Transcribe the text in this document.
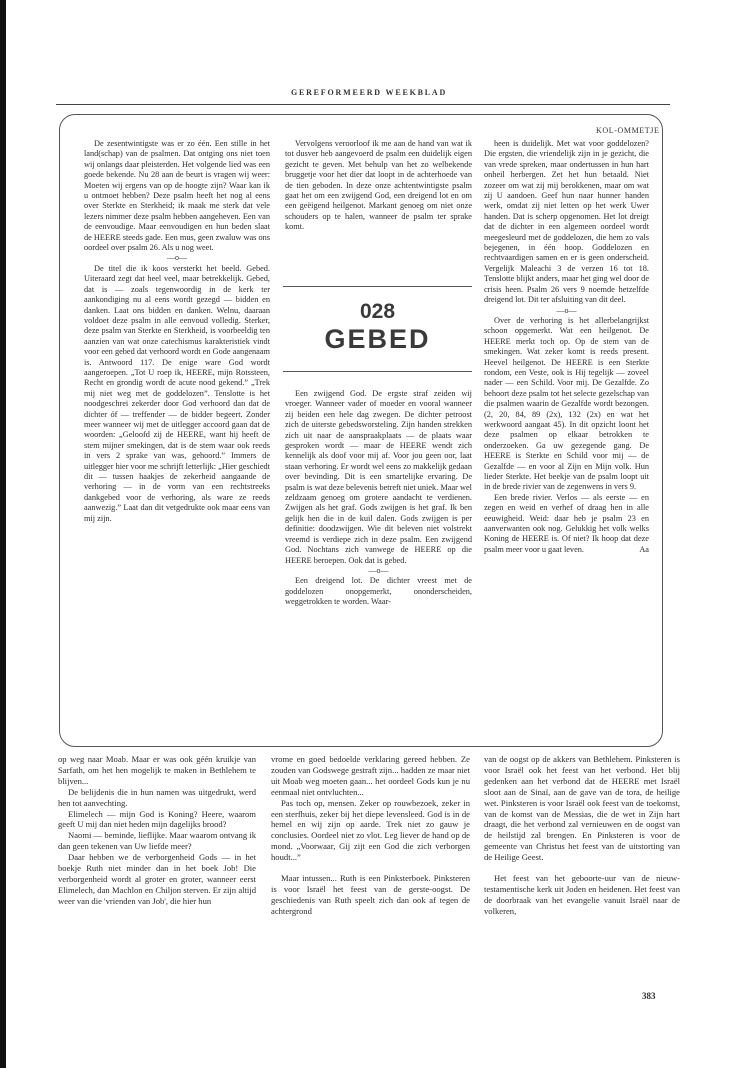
GEREFORMEERD WEEKBLAD
KOL-OMMETJE

De zesentwintigste was er zo één. Een stille in het land(schap) van de psalmen. Dat ontging ons niet toen wij onlangs daar pleisterden. Het volgende lied was een goede bekende. Nu 28 aan de beurt is vragen wij weer: Moeten wij ergens van op de hoogte zijn? Waar kan ik u ontmoet hebben? Deze psalm heeft het nog al eens over Sterkte en Sterkheid; ik maak me sterk dat vele lezers nimmer deze psalm hebben aangeheven. Een van de eenvoudige. Maar eenvoudigen en hun beden slaat de HEERE steeds gade. Een mus, geen zwaluw was ons oordeel over psalm 26. Als u nog weet.

—o—

De titel die ik koos versterkt het beeld. Gebed. Uiteraard zegt dat heel veel, maar betrekkelijk. Gebed, dat is — zoals tegenwoordig in de kerk ter aankondiging nu al eens wordt gezegd — bidden en danken. Laat ons bidden en danken. Welnu, daaraan voldoet deze psalm in alle eenvoud volledig. Sterker, deze psalm van Sterkte en Sterkheid, is voorbeeldig ten aanzien van wat onze catechismus karakteristiek vindt voor een gebed dat verhoord wordt en Gode aangenaam is. Antwoord 117. De enige ware God wordt aangeroepen. „Tot U roep ik, HEERE, mijn Rotssteen, Recht en grondig wordt de acute nood gekend.” „Trek mij niet weg met de goddelozen”. Tenslotte is het noodgeschrei zekerder door God verhoord dan dat de dichter óf — treffender — de bidder begeert. Zonder meer wanneer wij met de uitlegger accoord gaan dat de woorden: „Geloofd zij de HEERE, want hij heeft de stem mijner smekingen, dat is de stem waar ook reeds in vers 2 sprake van was, gehoord.” Immers de uitlegger hier voor me schrijft letterlijk: „Hier geschiedt dit — tussen haakjes de zekerheid aangaande de verhoring — in de vorm van een rechtstreeks dankgebed voor de verhoring, als ware ze reeds aanwezig.” Laat dan dit vetgedrukte ook maar eens van mij zijn.

Vervolgens veroorloof ik me aan de hand van wat ik tot dusver heb aangevoerd de psalm een duidelijk eigen gezicht te geven. Met behulp van het zo welbekende bruggetje voor het dier dat loopt in de achterhoede van de tien geboden. In deze onze achtentwintigste psalm gaat het om een zwijgend God, een dreigend lot en om een geëigend heilgenot. Markant genoeg om niet onze schouders op te halen, wanneer de psalm ter sprake komt.

028
GEBED

Een zwijgend God. De ergste straf zeiden wij vroeger. Wanneer vader of moeder en vooral wanneer zij beiden een hele dag zwegen. De dichter petroost zich de uiterste gebedsworsteling. Zijn handen strekken zich uit naar de aanspraakplaats — de plaats waar gesproken wordt — maar de HEERE wendt zich kennelijk als doof voor mij af. Voor jou geen oor, laat staan verhoring. Er wordt wel eens zo makkelijk gedaan over bevinding. Dit is een smartelijke ervaring. De psalm is wat deze belevenis betreft niet uniek. Maar wel zeldzaam genoeg om grotere aandacht te verdienen. Zwijgen als het graf. Gods zwijgen is het graf. Ik ben gelijk hen die in de kuil dalen. Gods zwijgen is per definitie: doodzwijgen. Wie dit beleven niet volstrekt vreemd is verdiepe zich in deze psalm. Een zwijgend God. Nochtans zich vanwege de HEERE op die HEERE beroepen. Ook dat is gebed.

—o—

Een dreigend lot. De dichter vreest met de goddelozen onopgemerkt, ononderscheiden, weggetrokken te worden. Waar-

heen is duidelijk. Met wat voor goddelozen? Die ergsten, die vriendelijk zijn in je gezicht, die van vrede spreken, maar ondertussen in hun hart onheil herbergen. Zet het hun betaald. Niet zozeer om wat zij mij berokkenen, maar om wat zij U aandoen. Geef hun naar hunner handen werk, omdat zij niet letten op het werk Uwer handen. Dat is scherp opgenomen. Het lot dreigt dat de dichter in een algemeen oordeel wordt meegesleurd met de goddelozen, die hem zo vals bejegenen, in één hoop. Goddelozen en rechtvaardigen samen en er is geen onderscheid. Vergelijk Maleachi 3 de verzen 16 tot 18. Tenslotte blijkt anders, maar het ging wel door de crisis heen. Psalm 26 vers 9 noemde hetzelfde dreigend lot. Dit ter afsluiting van dit deel.

—o—

Over de verhoring is het allerbelangrijkst schoon opgemerkt. Wat een heilgenot. De HEERE merkt toch op. Op de stem van de smekingen. Wat zeker komt is reeds present. Heevel heilgenot. De HEERE is een Sterkte rondom, een Veste, ook is Hij tegelijk — zoveel nader — een Schild. Voor mij. De Gezalfde. Zo behoort deze psalm tot het selecte gezelschap van die psalmen waarin de Gezalfde wordt bezongen. (2, 20, 84, 89 (2x), 132 (2x) en wat het werkwoord aangaat 45). In dit opzicht loont het deze psalmen op elkaar betrokken te onderzoeken. Ga uw gezegende gang. De HEERE is Sterkte en Schild voor mij — de Gezalfde — en voor al Zijn en Mijn volk. Hun lieder Sterkte. Het beekje van de psalm loopt uit in de brede rivier van de zegenwens in vers 9.

Een brede rivier. Verlos — als eerste — en zegen en weid en verhef of draag hen in alle eeuwigheid. Weid: daar heb je psalm 23 en aanverwanten ook nog. Gelukkig het volk welks Koning de HEERE is. Of niet? Ik hoop dat deze psalm meer voor u gaat leven.	Aa

op weg naar Moab. Maar er was ook géén kruikje van Sarfath, om het hen mogelijk te maken in Bethlehem te blijven...

De belijdenis die in hun namen was uitgedrukt, werd hen tot aanvechting.

Elimelech — mijn God is Koning? Heere, waarom geeft U mij dan niet heden mijn dagelijks brood?

Naomi — beminde, lieflijke. Maar waarom ontvang ik dan geen tekenen van Uw liefde meer?

Daar hebben we de verborgenheid Gods — in het boekje Ruth niet minder dan in het boek Job! Die verborgenheid wordt al groter en groter, wanneer eerst Elimelech, dan Machlon en Chiljon sterven. Er zijn altijd weer van die 'vrienden van Job', die hier hun

vrome en goed bedoelde verklaring gereed hebben. Ze zouden van Godswege gestraft zijn... hadden ze maar niet uit Moab weg moeten gaan... het oordeel Gods kun je nu eenmaal niet ontvluchten...

Pas toch op, mensen. Zeker op rouwbezoek, zeker in een sterfhuis, zeker bij het diepe levensleed. God is in de hemel en wij zijn op aarde. Trek niet zo gauw je conclusies. Oordeel niet zo vlot. Leg liever de hand op de mond. „Voorwaar, Gij zijt een God die zich verborgen houdt...”

Maar intussen... Ruth is een Pinksterboek. Pinksteren is voor Israël het feest van de gerste-oogst. De geschiedenis van Ruth speelt zich dan ook af tegen de achtergrond

van de oogst op de akkers van Bethlehem. Pinksteren is voor Israël ook het feest van het verbond. Het blij gedenken aan het verbond dat de HEERE met Israël sloot aan de Sinaï, aan de gave van de tora, de heilige wet. Pinksteren is voor Israël ook feest van de toekomst, van de komst van de Messias, die de wet in Zijn hart draagt, die het verbond zal vernieuwen en de oogst van de heilstijd zal brengen. En Pinksteren is voor de gemeente van Christus het feest van de uitstorting van de Heilige Geest.

Het feest van het geboorte-uur van de nieuw-testamentische kerk uit Joden en heidenen. Het feest van de doorbraak van het evangelie vanuit Israël naar de volkeren,

383
